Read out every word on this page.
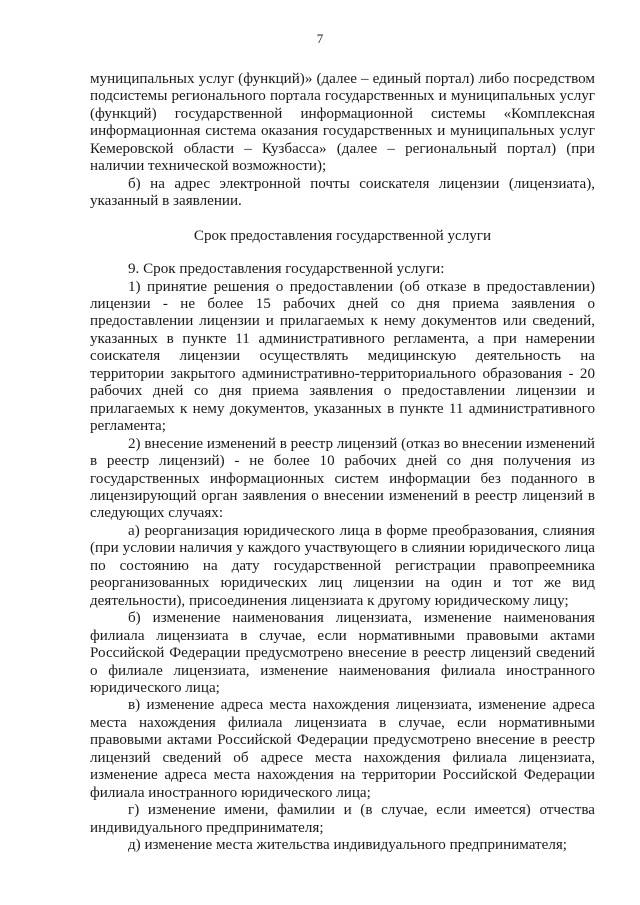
7

муниципальных услуг (функций)» (далее – единый портал) либо посредством подсистемы регионального портала государственных и муниципальных услуг (функций) государственной информационной системы «Комплексная информационная система оказания государственных и муниципальных услуг Кемеровской области – Кузбасса» (далее – региональный портал) (при наличии технической возможности);

б) на адрес электронной почты соискателя лицензии (лицензиата), указанный в заявлении.

Срок предоставления государственной услуги

9. Срок предоставления государственной услуги:

1) принятие решения о предоставлении (об отказе в предоставлении) лицензии - не более 15 рабочих дней со дня приема заявления о предоставлении лицензии и прилагаемых к нему документов или сведений, указанных в пункте 11 административного регламента, а при намерении соискателя лицензии осуществлять медицинскую деятельность на территории закрытого административно-территориального образования - 20 рабочих дней со дня приема заявления о предоставлении лицензии и прилагаемых к нему документов, указанных в пункте 11 административного регламента;

2) внесение изменений в реестр лицензий (отказ во внесении изменений в реестр лицензий) - не более 10 рабочих дней со дня получения из государственных информационных систем информации без поданного в лицензирующий орган заявления о внесении изменений в реестр лицензий в следующих случаях:

а) реорганизация юридического лица в форме преобразования, слияния (при условии наличия у каждого участвующего в слиянии юридического лица по состоянию на дату государственной регистрации правопреемника реорганизованных юридических лиц лицензии на один и тот же вид деятельности), присоединения лицензиата к другому юридическому лицу;

б) изменение наименования лицензиата, изменение наименования филиала лицензиата в случае, если нормативными правовыми актами Российской Федерации предусмотрено внесение в реестр лицензий сведений о филиале лицензиата, изменение наименования филиала иностранного юридического лица;

в) изменение адреса места нахождения лицензиата, изменение адреса места нахождения филиала лицензиата в случае, если нормативными правовыми актами Российской Федерации предусмотрено внесение в реестр лицензий сведений об адресе места нахождения филиала лицензиата, изменение адреса места нахождения на территории Российской Федерации филиала иностранного юридического лица;

г) изменение имени, фамилии и (в случае, если имеется) отчества индивидуального предпринимателя;

д) изменение места жительства индивидуального предпринимателя;
